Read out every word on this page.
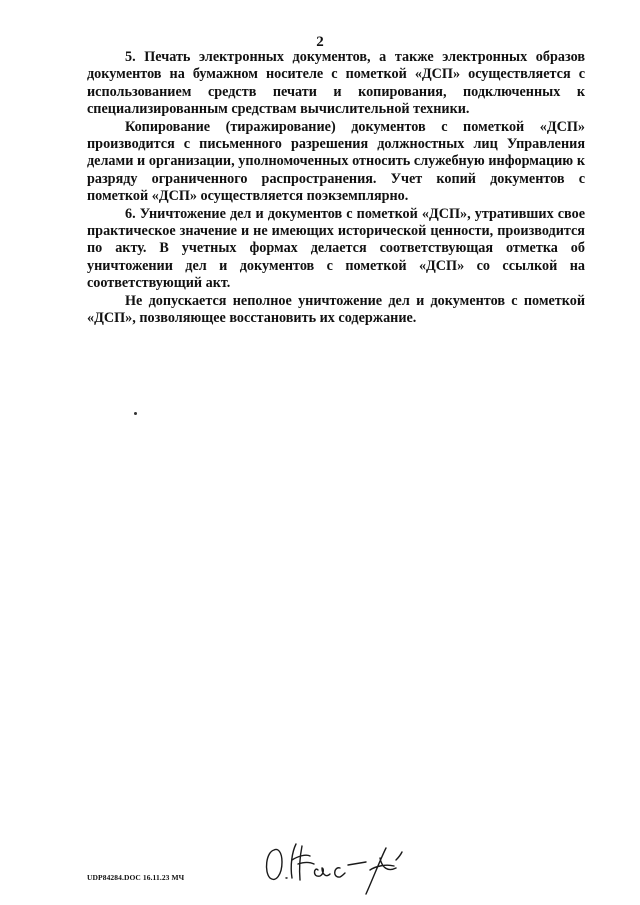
2

5. Печать электронных документов, а также электронных образов документов на бумажном носителе с пометкой «ДСП» осуществляется с использованием средств печати и копирования, подключенных к специализированным средствам вычислительной техники.

Копирование (тиражирование) документов с пометкой «ДСП» производится с письменного разрешения должностных лиц Управления делами и организации, уполномоченных относить служебную информацию к разряду ограниченного распространения. Учет копий документов с пометкой «ДСП» осуществляется поэкземплярно.

6. Уничтожение дел и документов с пометкой «ДСП», утративших свое практическое значение и не имеющих исторической ценности, производится по акту. В учетных формах делается соответствующая отметка об уничтожении дел и документов с пометкой «ДСП» со ссылкой на соответствующий акт.

Не допускается неполное уничтожение дел и документов с пометкой «ДСП», позволяющее восстановить их содержание.

UDP84284.DOC 16.11.23 МЧ
